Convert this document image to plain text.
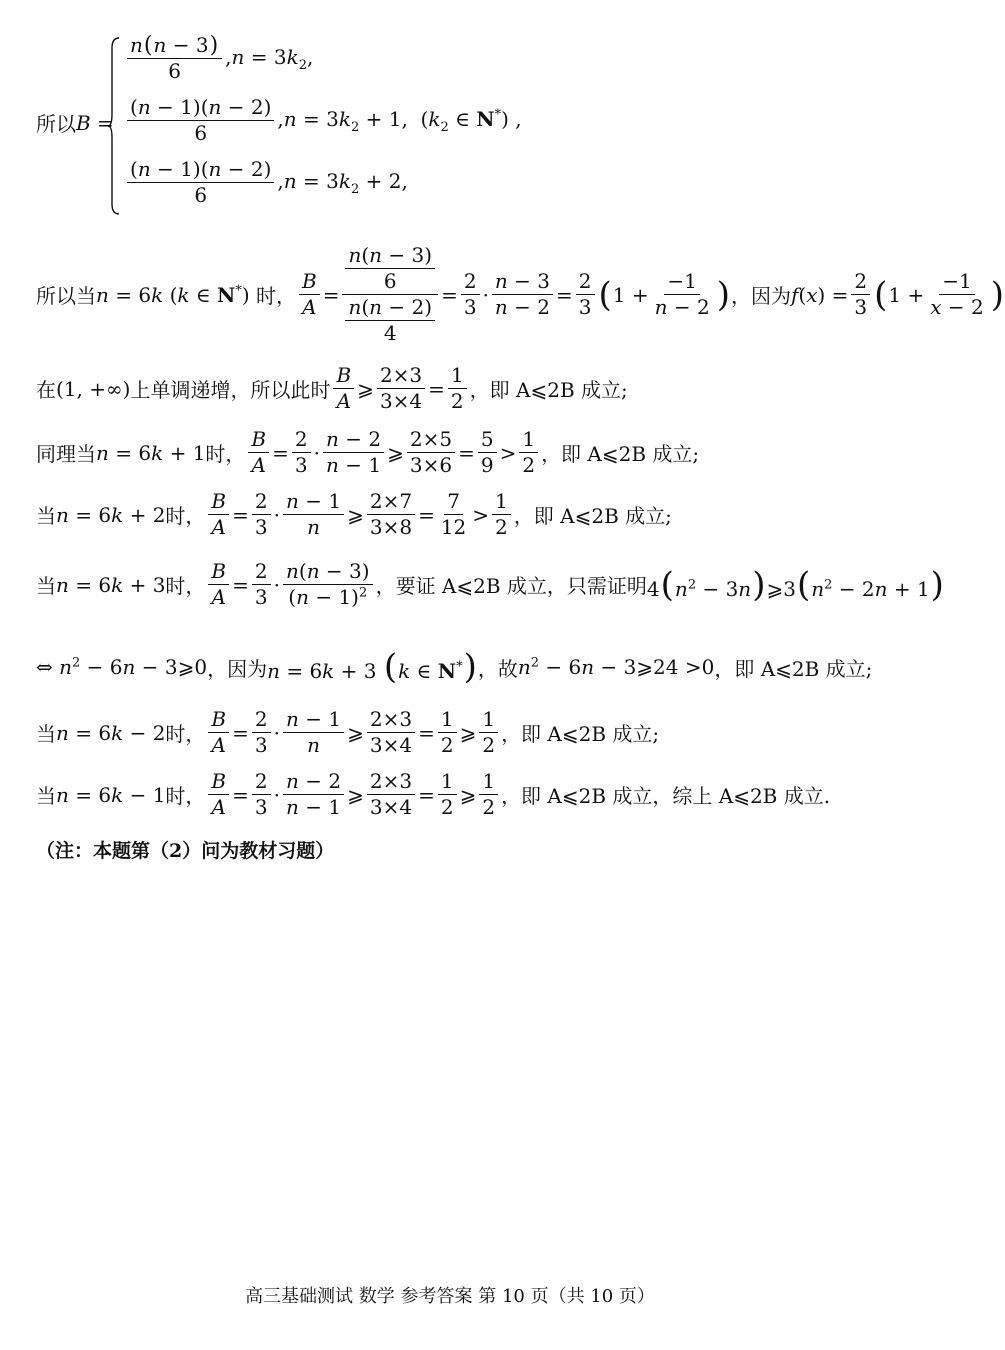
所以 B =
$\frac{n(n - 3)}{6} ,n = 3k_2$,
$\frac{(n - 1)(n - 2)}{6} ,n = 3k_2 + 1$,  ($k_2$ ∈ N*) ,
$\frac{(n - 1)(n - 2)}{6} ,n = 3k_2 + 2$,
所以当 n = 6k (k ∈ N*) 时， $\frac{B}{A} = \frac{\frac{n(n - 3)}{6}}{\frac{n(n - 2)}{4}} = \frac{2}{3} \cdot \frac{n - 3}{n - 2} = \frac{2}{3}$ ( $1 + \frac{-1}{n - 2}$ ) ，因为 $f(x) = \frac{2}{3}$ ( $1 + \frac{-1}{x - 2}$ )
在 (1, +∞) 上单调递增，所以此时 $\frac{B}{A}$ ⩾ $\frac{2\times 3}{3\times 4} = \frac{1}{2}$ ，即 A⩽2B 成立;
同理当 n = 6k + 1 时， $\frac{B}{A} = \frac{2}{3} \cdot \frac{n - 2}{n - 1}$ ⩾ $\frac{2\times 5}{3\times 6} = \frac{5}{9} > \frac{1}{2}$ ，即 A⩽2B 成立;
当 n = 6k + 2 时， $\frac{B}{A} = \frac{2}{3} \cdot \frac{n - 1}{n}$ ⩾ $\frac{2\times 7}{3\times 8} = \frac{7}{12} > \frac{1}{2}$ ，即 A⩽2B 成立;
当 n = 6k + 3 时， $\frac{B}{A} = \frac{2}{3} \cdot \frac{n(n - 3)}{(n - 1)^2}$ ，要证 A⩽2B 成立，只需证明 $4(n^2$ − $3n)⩾3(n^2 - 2n + 1)$
⇔ $n^2 - 6n$ − 3⩾0 ，因为 n = 6k + 3 (k ∈ N*) ，故 $n^2 - 6n$ − 3⩾24 >0 ，即 A⩽2B 成立;
当 n = 6k − 2 时， $\frac{B}{A} = \frac{2}{3} \cdot \frac{n - 1}{n}$ ⩾ $\frac{2\times 3}{3\times 4} = \frac{1}{2}$ ⩾ $\frac{1}{2}$ ，即 A⩽2B 成立;
当 n = 6k − 1 时， $\frac{B}{A} = \frac{2}{3} \cdot \frac{n - 2}{n - 1}$ ⩾ $\frac{2\times 3}{3\times 4} = \frac{1}{2}$ ⩾ $\frac{1}{2}$ ，即 A⩽2B 成立，综上 A⩽2B 成立.
（注：本题第（2）问为教材习题）
高三基础测试 数学 参考答案 第 10 页（共 10 页）
